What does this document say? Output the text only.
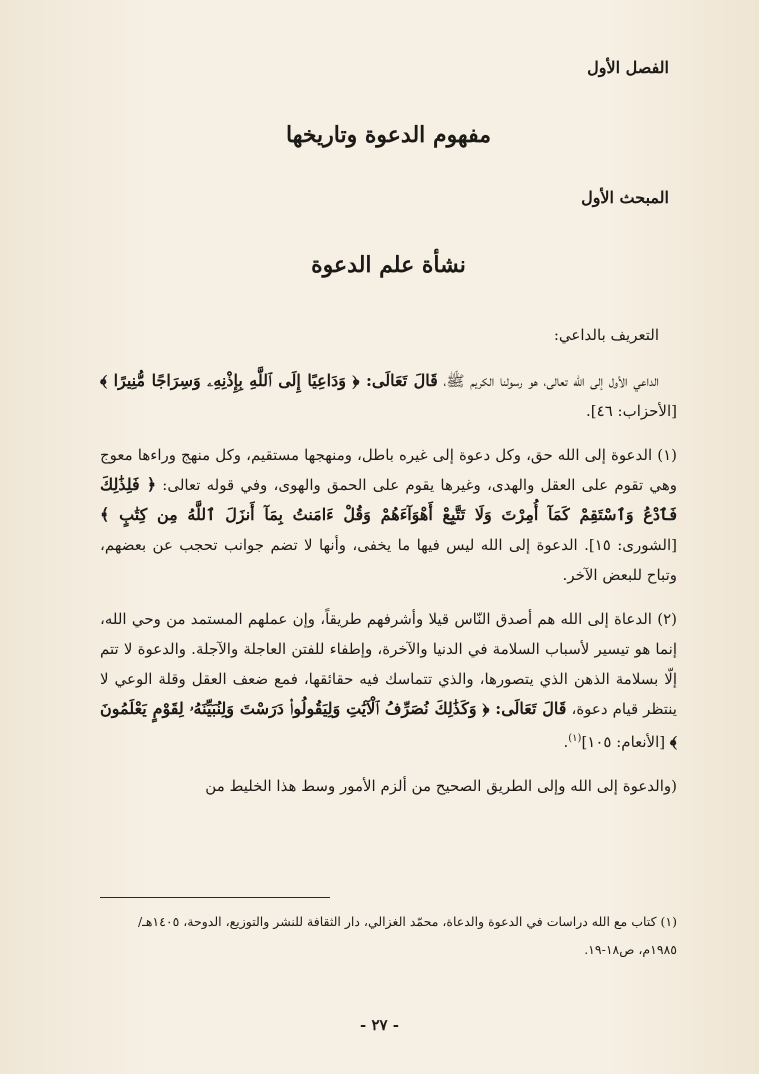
الفصل الأول
مفهوم الدعوة وتاريخها
المبحث الأول
نشأة علم الدعوة
التعريف بالداعي:

الداعي الأول إلى الله تعالى، هو رسولنا الكريم ﷺ، قَالَ تَعَالَى: ﴿ وَدَاعِيًا إِلَى ٱللَّهِ بِإِذْنِهِۦ وَسِرَاجًا مُّنِيرًا ﴾ [الأحزاب: ٤٦].

(١) الدعوة إلى الله حق، وكل دعوة إلى غيره باطل، ومنهجها مستقيم، وكل منهج وراءها معوج وهي تقوم على العقل والهدى، وغيرها يقوم على الحمق والهوى، وفي قوله تعالى: ﴿ فَلِذَٰلِكَ فَٱدْعُ وَٱسْتَقِمْ كَمَآ أُمِرْتَ وَلَا تَتَّبِعْ أَهْوَآءَهُمْ وَقُلْ ءَامَنتُ بِمَآ أَنزَلَ ٱللَّهُ مِن كِتَٰبٍ ﴾ [الشورى: ١٥]. الدعوة إلى الله ليس فيها ما يخفى، وأنها لا تضم جوانب تحجب عن بعضهم، وتباح للبعض الآخر.

(٢) الدعاة إلى الله هم أصدق النّاس قيلا وأشرفهم طريقاً، وإن عملهم المستمد من وحي الله، إنما هو تيسير لأسباب السلامة في الدنيا والآخرة، وإطفاء للفتن العاجلة والآجلة. والدعوة لا تتم إلّا بسلامة الذهن الذي يتصورها، والذي تتماسك فيه حقائقها، فمع ضعف العقل وقلة الوعي لا ينتظر قيام دعوة، قَالَ تَعَالَى: ﴿ وَكَذَٰلِكَ نُصَرِّفُ ٱلْآيَٰتِ وَلِيَقُولُوا۟ دَرَسْتَ وَلِنُبَيِّنَهُۥ لِقَوْمٍ يَعْلَمُونَ ﴾ [الأنعام: ١٠٥]$^{(١)}$.

(والدعوة إلى الله وإلى الطريق الصحيح من ألزم الأمور وسط هذا الخليط من

(١) كتاب مع الله دراسات في الدعوة والدعاة، محمّد الغزالي، دار الثقافة للنشر والتوزيع، الدوحة، ١٤٠٥هـ/ ١٩٨٥م، ص١٨-١٩.
- ٢٧ -
